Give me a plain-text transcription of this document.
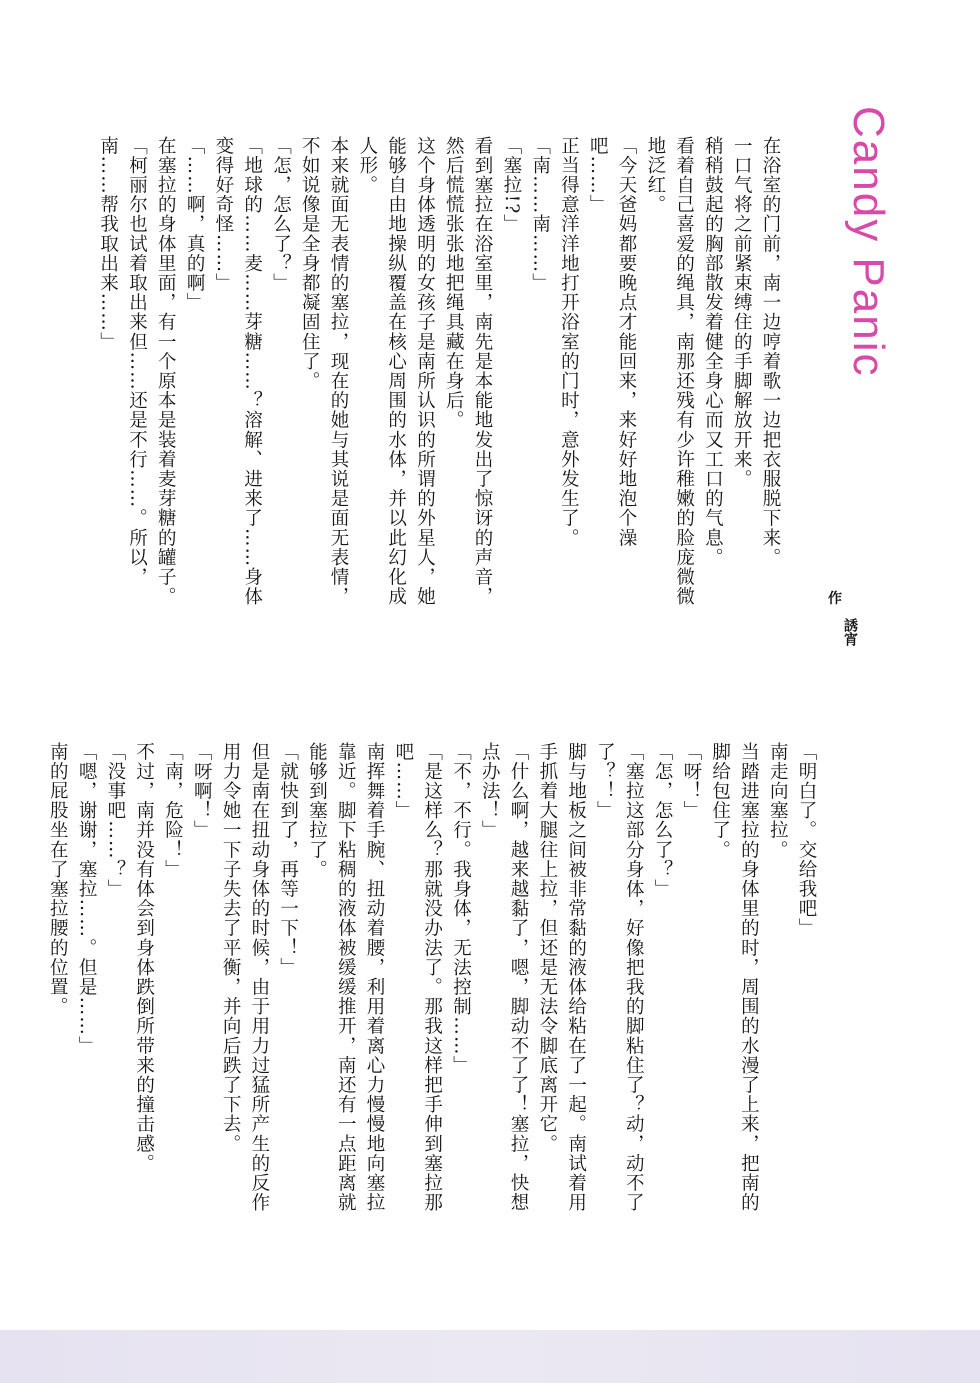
Candy Panic
作
誘宵
在浴室的门前，南一边哼着歌一边把衣服脱下来。
一口气将之前紧束缚住的手脚解放开来。
稍稍鼓起的胸部散发着健全身心而又工口的气息。
看着自己喜爱的绳具，南那还残有少许稚嫩的脸庞微微
地泛红。
「今天爸妈都要晚点才能回来，来好好地泡个澡
吧……」
正当得意洋洋地打开浴室的门时，意外发生了。
「南……南……」
「塞拉!?」
看到塞拉在浴室里，南先是本能地发出了惊讶的声音，
然后慌慌张张地把绳具藏在身后。
这个身体透明的女孩子是南所认识的所谓的外星人，她
能够自由地操纵覆盖在核心周围的水体，并以此幻化成
人形。
本来就面无表情的塞拉，现在的她与其说是面无表情，
不如说像是全身都凝固住了。
「怎，怎么了？」
「地球的……麦……芽糖……？溶解、进来了……身体
变得好奇怪……」
「……啊，真的啊」
在塞拉的身体里面，有一个原本是装着麦芽糖的罐子。
「柯丽尔也试着取出来但……还是不行……。所以，
南……帮我取出来……」
「明白了。交给我吧」
南走向塞拉。
当踏进塞拉的身体里的时，周围的水漫了上来，把南的
脚给包住了。
「呀！」
「怎，怎么了？」
「塞拉这部分身体，好像把我的脚粘住了？动，动不了
了？！」
脚与地板之间被非常黏的液体给粘在了一起。南试着用
手抓着大腿往上拉，但还是无法令脚底离开它。
「什么啊，越来越黏了，嗯，脚动不了了！塞拉，快想
点办法！」
「不，不行。我身体，无法控制……」
「是这样么？那就没办法了。那我这样把手伸到塞拉那
吧……」
南挥舞着手腕、扭动着腰，利用着离心力慢慢地向塞拉
靠近。脚下粘稠的液体被缓缓推开，南还有一点距离就
能够到塞拉了。
「就快到了，再等一下！」
但是南在扭动身体的时候，由于用力过猛所产生的反作
用力令她一下子失去了平衡，并向后跌了下去。
「呀啊！」
「南，危险！」
不过，南并没有体会到身体跌倒所带来的撞击感。
「没事吧……？」
「嗯，谢谢，塞拉……。但是……」
南的屁股坐在了塞拉腰的位置。
